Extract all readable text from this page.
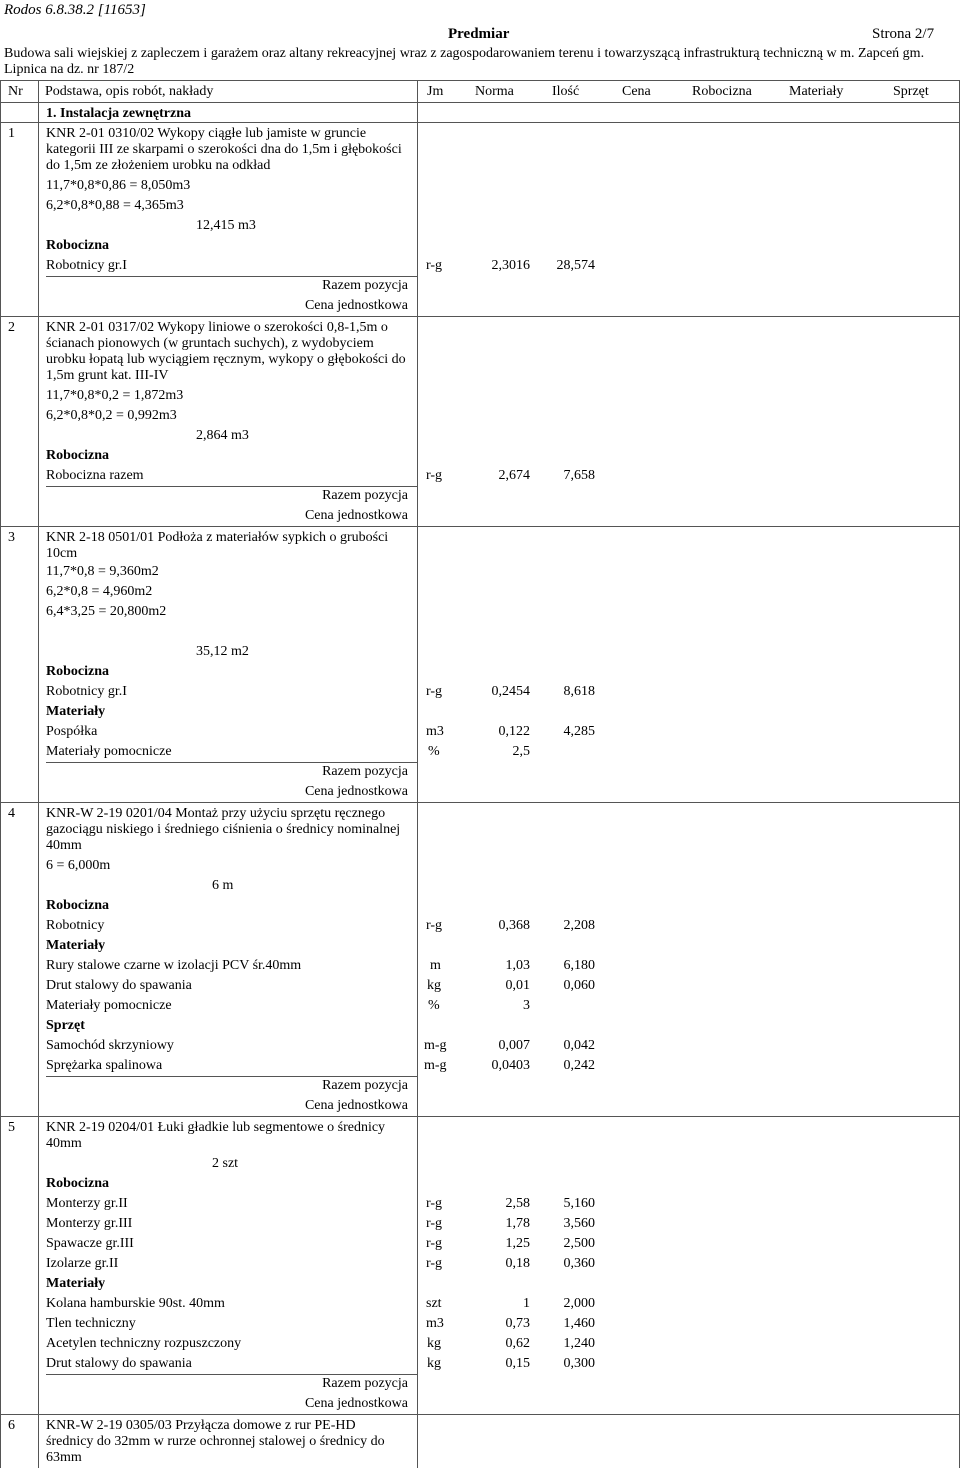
Rodos 6.8.38.2 [11653]
Predmiar	Strona 2/7
Budowa sali wiejskiej z zapleczem i garażem oraz altany rekreacyjnej wraz z zagospodarowaniem terenu i towarzyszącą infrastrukturą techniczną w m. Zapceń gm.
Lipnica na dz. nr 187/2
Nr Podstawa, opis robót, nakłady	Jm Norma	Ilość	Cena	Robocizna	Materiały	Sprzęt
1. Instalacja zewnętrzna
1 KNR 2-01 0310/02 Wykopy ciągłe lub jamiste w gruncie kategorii III ze skarpami o szerokości dna do 1,5m i głębokości do 1,5m ze złożeniem urobku na odkład
11,7*0,8*0,86 = 8,050m3
6,2*0,8*0,88 = 4,365m3
12,415 m3
Robocizna
Robotnicy gr.I	r-g	2,3016	28,574
Razem pozycja
Cena jednostkowa
2 KNR 2-01 0317/02 Wykopy liniowe o szerokości 0,8-1,5m o ścianach pionowych (w gruntach suchych), z wydobyciem urobku łopatą lub wyciągiem ręcznym, wykopy o głębokości do 1,5m grunt kat. III-IV
11,7*0,8*0,2 = 1,872m3
6,2*0,8*0,2 = 0,992m3
2,864 m3
Robocizna
Robocizna razem	r-g	2,674	7,658
Razem pozycja
Cena jednostkowa
3 KNR 2-18 0501/01 Podłoża z materiałów sypkich o grubości 10cm
11,7*0,8 = 9,360m2
6,2*0,8 = 4,960m2
6,4*3,25 = 20,800m2
35,12 m2
Robocizna
Robotnicy gr.I	r-g	0,2454	8,618
Materiały
Pospółka	m3	0,122	4,285
Materiały pomocnicze	%	2,5
Razem pozycja
Cena jednostkowa
4 KNR-W 2-19 0201/04 Montaż przy użyciu sprzętu ręcznego gazociągu niskiego i średniego ciśnienia o średnicy nominalnej 40mm
6 = 6,000m
6 m
Robocizna
Robotnicy	r-g	0,368	2,208
Materiały
Rury stalowe czarne w izolacji PCV śr.40mm	m	1,03	6,180
Drut stalowy do spawania	kg	0,01	0,060
Materiały pomocnicze	%	3
Sprzęt
Samochód skrzyniowy	m-g	0,007	0,042
Sprężarka spalinowa	m-g	0,0403	0,242
Razem pozycja
Cena jednostkowa
5 KNR 2-19 0204/01 Łuki gładkie lub segmentowe o średnicy 40mm
2 szt
Robocizna
Monterzy gr.II	r-g	2,58	5,160
Monterzy gr.III	r-g	1,78	3,560
Spawacze gr.III	r-g	1,25	2,500
Izolarze gr.II	r-g	0,18	0,360
Materiały
Kolana hamburskie 90st. 40mm	szt	1	2,000
Tlen techniczny	m3	0,73	1,460
Acetylen techniczny rozpuszczony	kg	0,62	1,240
Drut stalowy do spawania	kg	0,15	0,300
Razem pozycja
Cena jednostkowa
6 KNR-W 2-19 0305/03 Przyłącza domowe z rur PE-HD średnicy do 32mm w rurze ochronnej stalowej o średnicy do 63mm
